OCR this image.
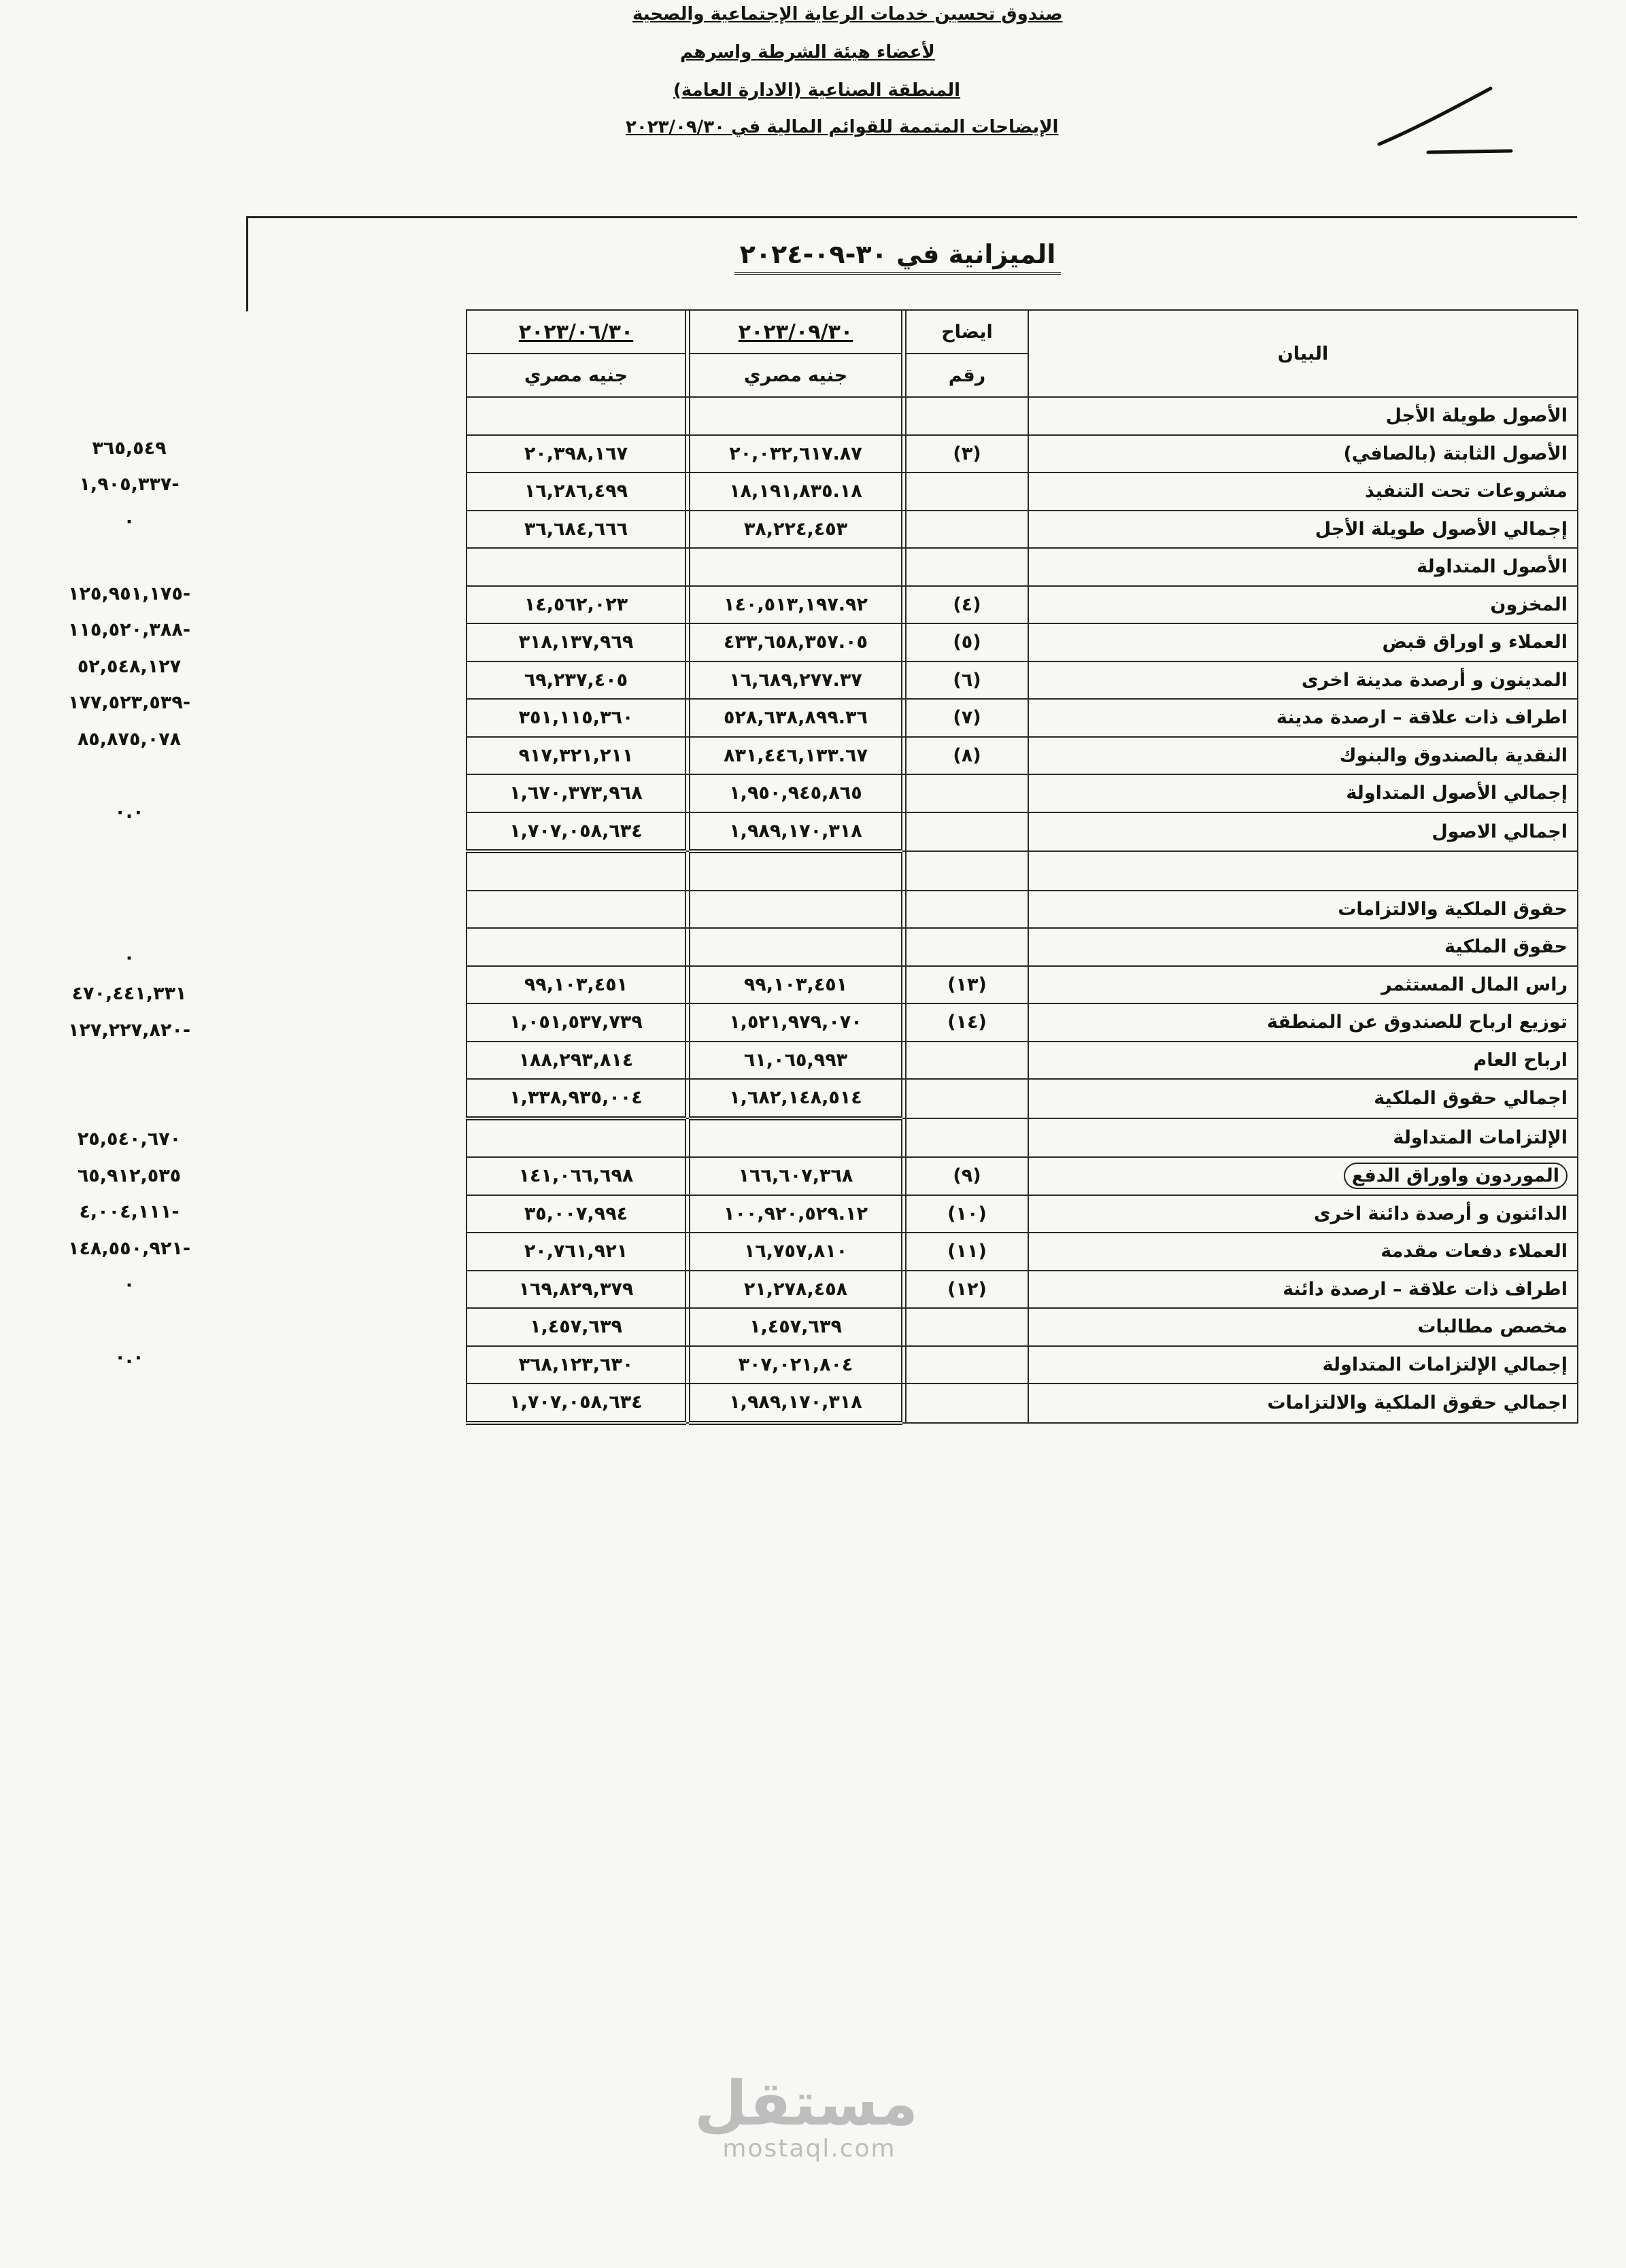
صندوق تحسين خدمات الرعاية الإجتماعية والصحية
لأعضاء هيئة الشرطة واسرهم
المنطقة الصناعية (الادارة العامة)
الإيضاحات المتممة للقوائم المالية في ٢٠٢٣/٠٩/٣٠
الميزانية في ٣٠-٠٩-٢٠٢٤
البيان	ايضاح		٢٠٢٣/٠٩/٣٠		٢٠٢٣/٠٦/٣٠	
	رقم		جنيه مصري		جنيه مصري	
الأصول طويلة الأجل						
الأصول الثابتة (بالصافي)	(٣)		٢٠,٠٣٢,٦١٧.٨٧		٢٠,٣٩٨,١٦٧	
مشروعات تحت التنفيذ			١٨,١٩١,٨٣٥.١٨		١٦,٢٨٦,٤٩٩	
إجمالي الأصول طويلة الأجل			٣٨,٢٢٤,٤٥٣		٣٦,٦٨٤,٦٦٦	
الأصول المتداولة						
المخزون	(٤)		١٤٠,٥١٣,١٩٧.٩٢		١٤,٥٦٢,٠٢٣	
العملاء و اوراق قبض	(٥)		٤٣٣,٦٥٨,٣٥٧.٠٥		٣١٨,١٣٧,٩٦٩	
المدينون و أرصدة مدينة اخرى	(٦)		١٦,٦٨٩,٢٧٧.٣٧		٦٩,٢٣٧,٤٠٥	
اطراف ذات علاقة – ارصدة مدينة	(٧)		٥٢٨,٦٣٨,٨٩٩.٣٦		٣٥١,١١٥,٣٦٠	
النقدية بالصندوق والبنوك	(٨)		٨٣١,٤٤٦,١٣٣.٦٧		٩١٧,٣٢١,٢١١	
إجمالي الأصول المتداولة			١,٩٥٠,٩٤٥,٨٦٥		١,٦٧٠,٣٧٣,٩٦٨	
اجمالي الاصول			١,٩٨٩,١٧٠,٣١٨		١,٧٠٧,٠٥٨,٦٣٤	

حقوق الملكية والالتزامات						
حقوق الملكية						
راس المال المستثمر	(١٣)		٩٩,١٠٣,٤٥١		٩٩,١٠٣,٤٥١	
توزيع ارباح للصندوق عن المنطقة	(١٤)		١,٥٢١,٩٧٩,٠٧٠		١,٠٥١,٥٣٧,٧٣٩	
ارباح العام			٦١,٠٦٥,٩٩٣		١٨٨,٢٩٣,٨١٤	
اجمالي حقوق الملكية			١,٦٨٢,١٤٨,٥١٤		١,٣٣٨,٩٣٥,٠٠٤	
الإلتزامات المتداولة						
الموردون واوراق الدفع	(٩)		١٦٦,٦٠٧,٣٦٨		١٤١,٠٦٦,٦٩٨	
الدائنون و أرصدة دائنة اخرى	(١٠)		١٠٠,٩٢٠,٥٢٩.١٢		٣٥,٠٠٧,٩٩٤	
العملاء دفعات مقدمة	(١١)		١٦,٧٥٧,٨١٠		٢٠,٧٦١,٩٢١	
اطراف ذات علاقة – ارصدة دائنة	(١٢)		٢١,٢٧٨,٤٥٨		١٦٩,٨٢٩,٣٧٩	
مخصص مطالبات			١,٤٥٧,٦٣٩		١,٤٥٧,٦٣٩	
إجمالي الإلتزامات المتداولة			٣٠٧,٠٢١,٨٠٤		٣٦٨,١٢٣,٦٣٠	
اجمالي حقوق الملكية والالتزامات			١,٩٨٩,١٧٠,٣١٨		١,٧٠٧,٠٥٨,٦٣٤	
٣٦٥,٥٤٩
-١,٩٠٥,٣٣٧
٠
-١٢٥,٩٥١,١٧٥
-١١٥,٥٢٠,٣٨٨
٥٢,٥٤٨,١٢٧
-١٧٧,٥٢٣,٥٣٩
٨٥,٨٧٥,٠٧٨
٠.٠
٠
٤٧٠,٤٤١,٣٣١
-١٢٧,٢٢٧,٨٢٠
٢٥,٥٤٠,٦٧٠
٦٥,٩١٢,٥٣٥
-٤,٠٠٤,١١١
-١٤٨,٥٥٠,٩٢١
٠
٠.٠
مستقل
mostaql.com
